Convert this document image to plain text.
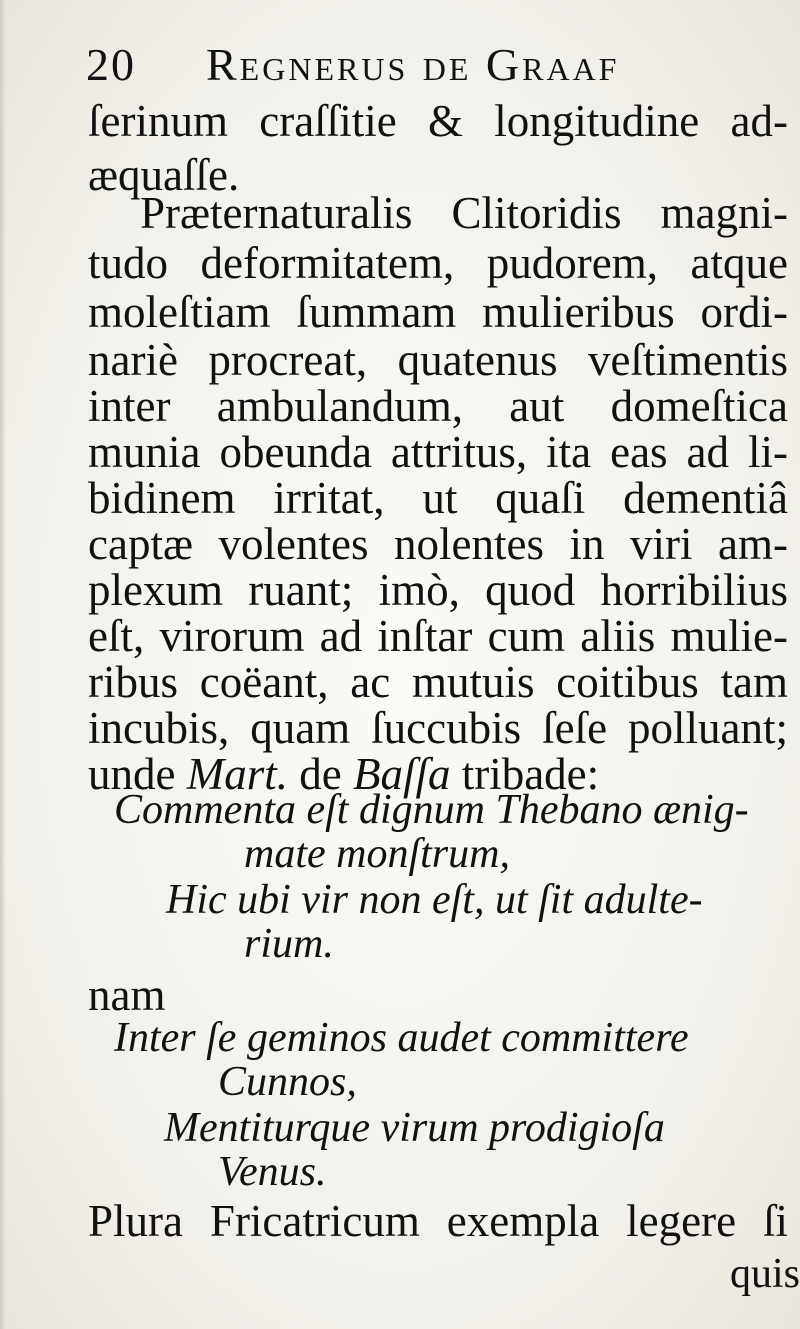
20 Regnerus de Graaf
ſerinum craſſitie & longitudine ad-
æquaſſe.
Præternaturalis Clitoridis magni-
tudo deformitatem, pudorem, atque
moleſtiam ſummam mulieribus ordi-
nariè procreat, quatenus veſtimentis
inter ambulandum, aut domeſtica
munia obeunda attritus, ita eas ad li-
bidinem irritat, ut quaſi dementiâ
captæ volentes nolentes in viri am-
plexum ruant; imò, quod horribilius
eſt, virorum ad inſtar cum aliis mulie-
ribus coëant, ac mutuis coitibus tam
incubis, quam ſuccubis ſeſe polluant;
unde Mart. de Baſſa tribade:
Commenta eſt dignum Thebano ænig-
mate monſtrum,
Hic ubi vir non eſt, ut ſit adulte-
rium.
nam
Inter ſe geminos audet committere
Cunnos,
Mentiturque virum prodigioſa
Venus.
Plura Fricatricum exempla legere ſi
quis
